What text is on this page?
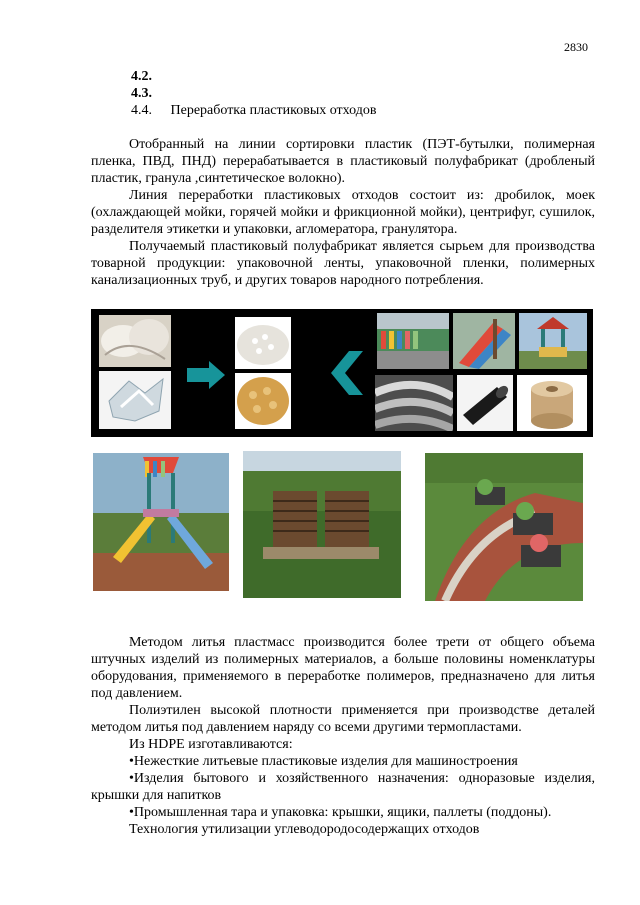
2830
4.2.
4.3.
4.4. Переработка пластиковых отходов

Отобранный на линии сортировки пластик (ПЭТ-бутылки, полимерная пленка, ПВД, ПНД) перерабатывается в пластиковый полуфабрикат (дробленый пластик, гранула ,синтетическое волокно).

Линия переработки пластиковых отходов состоит из: дробилок, моек (охлаждающей мойки, горячей мойки и фрикционной мойки), центрифуг, сушилок, разделителя этикетки и упаковки, агломератора, гранулятора.

Получаемый пластиковый полуфабрикат является сырьем для производства товарной продукции: упаковочной ленты, упаковочной пленки, полимерных канализационных труб, и других товаров народного потребления.

Методом литья пластмасс производится более трети от общего объема штучных изделий из полимерных материалов, а больше половины номенклатуры оборудования, применяемого в переработке полимеров, предназначено для литья под давлением.

Полиэтилен высокой плотности применяется при производстве деталей методом литья под давлением наряду со всеми другими термопластами.

Из HDPE изготавливаются:

•Нежесткие литьевые пластиковые изделия для машиностроения

•Изделия бытового и хозяйственного назначения: одноразовые изделия, крышки для напитков

•Промышленная тара и упаковка: крышки, ящики, паллеты (поддоны).

Технология утилизации углеводородосодержащих отходов
